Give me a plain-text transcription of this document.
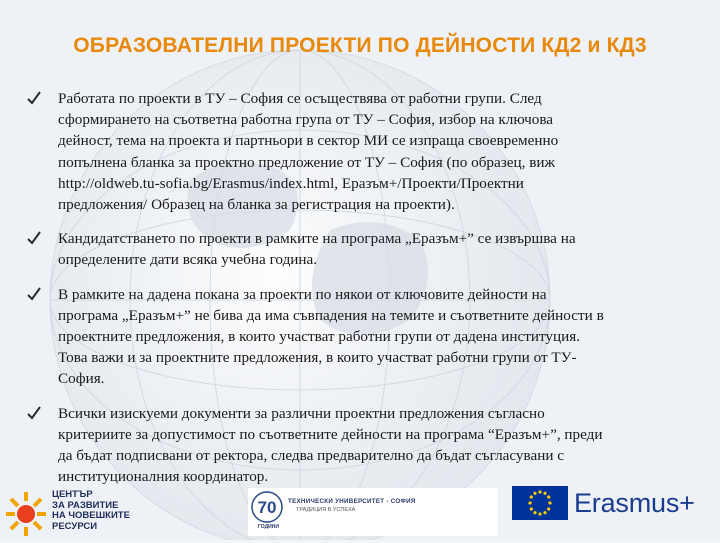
ОБРАЗОВАТЕЛНИ ПРОЕКТИ ПО ДЕЙНОСТИ КД2 и КД3
Работата по проекти в ТУ – София се осъществява от работни групи. След
сформирането на съответна работна група от ТУ – София, избор на ключова
дейност, тема на проекта и партньори в сектор МИ се изпраща своевременно
попълнена бланка за проектно предложение от ТУ – София (по образец, виж
http://oldweb.tu-sofia.bg/Erasmus/index.html, Еразъм+/Проекти/Проектни
предложения/ Образец на бланка за регистрация на проекти).
Кандидатстването по проекти в рамките на програма „Еразъм+” се извършва на
определените дати всяка учебна година.
В рамките на дадена покана за проекти по някои от ключовите дейности на
програма „Еразъм+” не бива да има съвпадения на темите и съответните дейности в
проектните предложения, в които участват работни групи от дадена институция.
Това важи и за проектните предложения, в които участват работни групи от ТУ-
София.
Всички изискуеми документи за различни проектни предложения съгласно
критериите за допустимост по съответните дейности на програма “Еразъм+”, преди
да бъдат подписвани от ректора, следва предварително да бъдат съгласувани с
институционалния координатор.
ЦЕНТЪР
ЗА РАЗВИТИЕ
НА ЧОВЕШКИТЕ
РЕСУРСИ
70 ТЕХНИЧЕСКИ УНИВЕРСИТЕТ - СОФИЯ
ТРАДИЦИЯ В УСПЕХА
ГОДИНИ
Erasmus+
